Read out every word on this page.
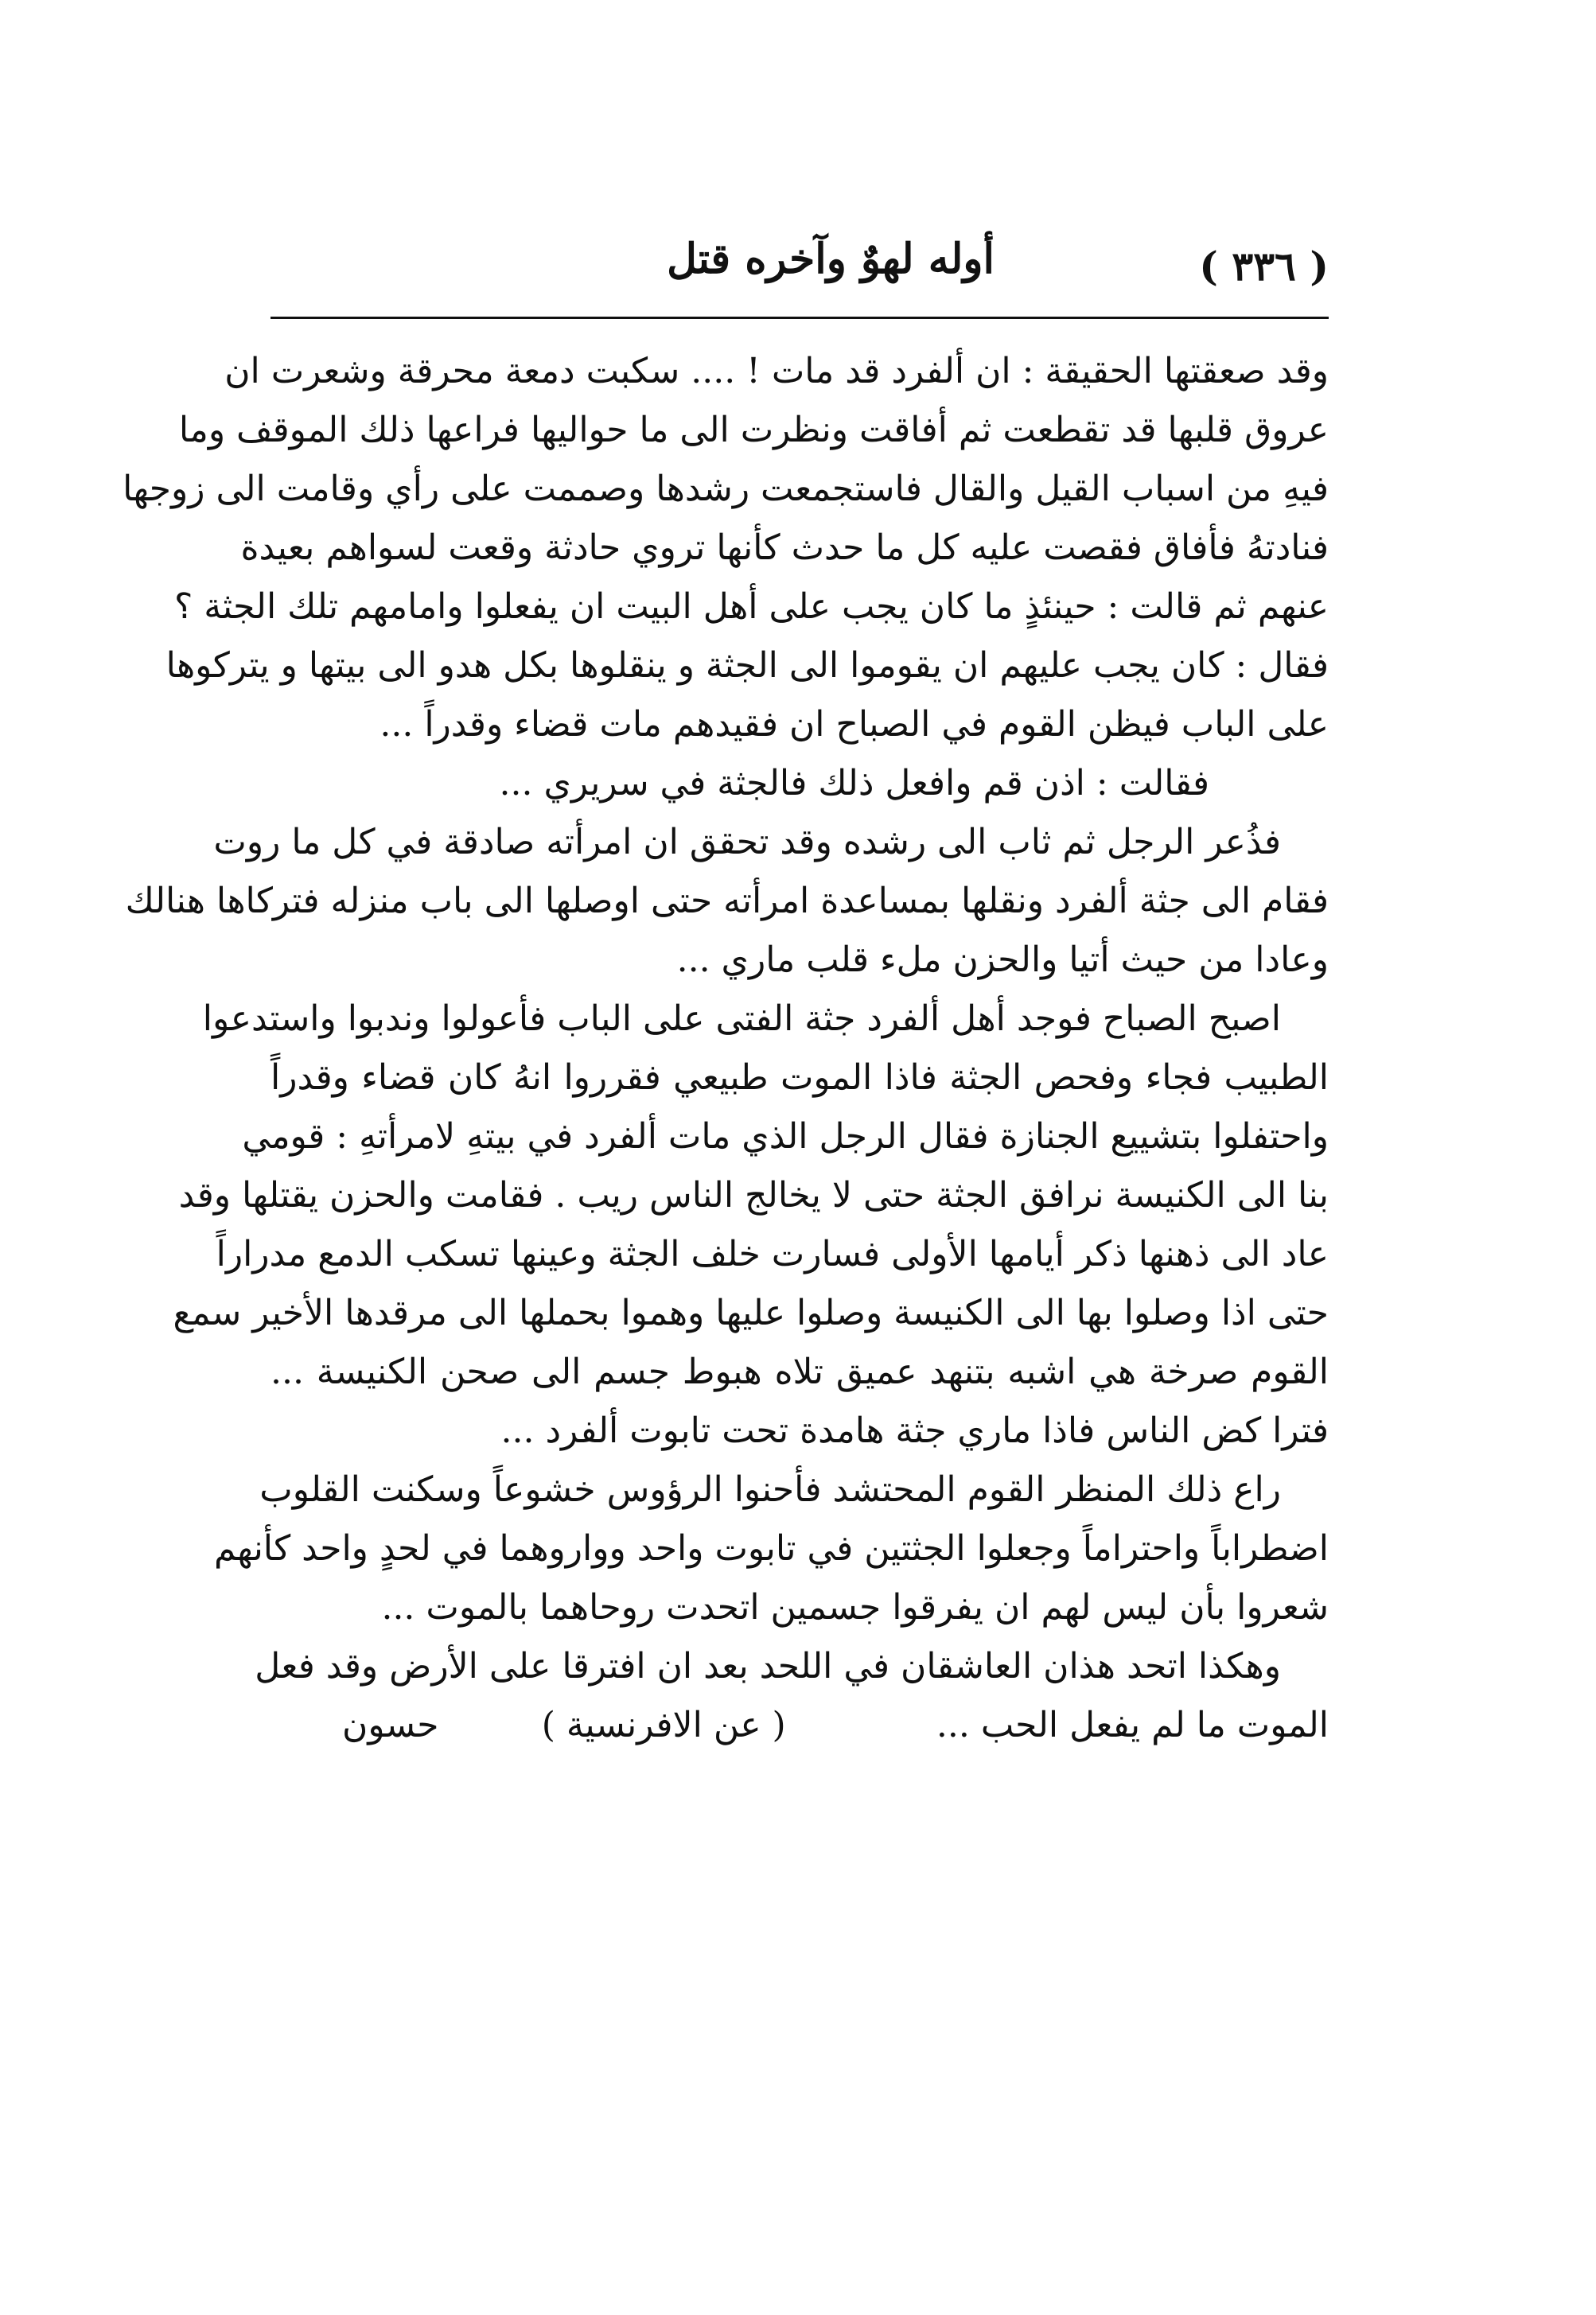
( ٣٣٦ )
أوله لهوٌ وآخره قتل
وقد صعقتها الحقيقة : ان ألفرد قد مات ! .... سكبت دمعة محرقة وشعرت ان
عروق قلبها قد تقطعت ثم أفاقت ونظرت الى ما حواليها فراعها ذلك الموقف وما
فيهِ من اسباب القيل والقال فاستجمعت رشدها وصممت على رأي وقامت الى زوجها
فنادتهُ فأفاق فقصت عليه كل ما حدث كأنها تروي حادثة وقعت لسواهم بعيدة
عنهم ثم قالت : حينئذٍ ما كان يجب على أهل البيت ان يفعلوا وامامهم تلك الجثة ؟
فقال : كان يجب عليهم ان يقوموا الى الجثة و ينقلوها بكل هدو الى بيتها و يتركوها
على الباب فيظن القوم في الصباح ان فقيدهم مات قضاء وقدراً ...
فقالت : اذن قم وافعل ذلك فالجثة في سريري ...
فذُعر الرجل ثم ثاب الى رشده وقد تحقق ان امرأته صادقة في كل ما روت
فقام الى جثة ألفرد ونقلها بمساعدة امرأته حتى اوصلها الى باب منزله فتركاها هنالك
وعادا من حيث أتيا والحزن ملء قلب ماري ...
اصبح الصباح فوجد أهل ألفرد جثة الفتى على الباب فأعولوا وندبوا واستدعوا
الطبيب فجاء وفحص الجثة فاذا الموت طبيعي فقرروا انهُ كان قضاء وقدراً
واحتفلوا بتشييع الجنازة فقال الرجل الذي مات ألفرد في بيتهِ لامرأتهِ : قومي
بنا الى الكنيسة نرافق الجثة حتى لا يخالج الناس ريب . فقامت والحزن يقتلها وقد
عاد الى ذهنها ذكر أيامها الأولى فسارت خلف الجثة وعينها تسكب الدمع مدراراً
حتى اذا وصلوا بها الى الكنيسة وصلوا عليها وهموا بحملها الى مرقدها الأخير سمع
القوم صرخة هي اشبه بتنهد عميق تلاه هبوط جسم الى صحن الكنيسة ...
فترا كض الناس فاذا ماري جثة هامدة تحت تابوت ألفرد ...
راع ذلك المنظر القوم المحتشد فأحنوا الرؤوس خشوعاً وسكنت القلوب
اضطراباً واحتراماً وجعلوا الجثتين في تابوت واحد وواروهما في لحدٍ واحد كأنهم
شعروا بأن ليس لهم ان يفرقوا جسمين اتحدت روحاهما بالموت ...
وهكذا اتحد هذان العاشقان في اللحد بعد ان افترقا على الأرض وقد فعل
الموت ما لم يفعل الحب ...
( عن الافرنسية )
حسون
